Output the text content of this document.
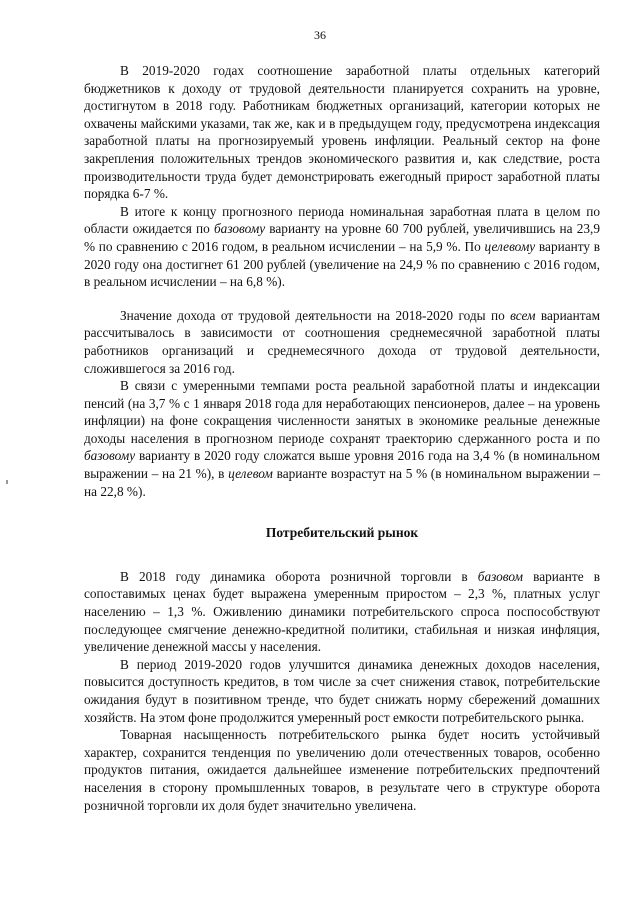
36

В 2019-2020 годах соотношение заработной платы отдельных категорий бюджетников к доходу от трудовой деятельности планируется сохранить на уровне, достигнутом в 2018 году. Работникам бюджетных организаций, категории которых не охвачены майскими указами, так же, как и в предыдущем году, предусмотрена индексация заработной платы на прогнозируемый уровень инфляции. Реальный сектор на фоне закрепления положительных трендов экономического развития и, как следствие, роста производительности труда будет демонстрировать ежегодный прирост заработной платы порядка 6-7 %.

В итоге к концу прогнозного периода номинальная заработная плата в целом по области ожидается по базовому варианту на уровне 60 700 рублей, увеличившись на 23,9 % по сравнению с 2016 годом, в реальном исчислении – на 5,9 %. По целевому варианту в 2020 году она достигнет 61 200 рублей (увеличение на 24,9 % по сравнению с 2016 годом, в реальном исчислении – на 6,8 %).

Значение дохода от трудовой деятельности на 2018-2020 годы по всем вариантам рассчитывалось в зависимости от соотношения среднемесячной заработной платы работников организаций и среднемесячного дохода от трудовой деятельности, сложившегося за 2016 год.

В связи с умеренными темпами роста реальной заработной платы и индексации пенсий (на 3,7 % с 1 января 2018 года для неработающих пенсионеров, далее – на уровень инфляции) на фоне сокращения численности занятых в экономике реальные денежные доходы населения в прогнозном периоде сохранят траекторию сдержанного роста и по базовому варианту в 2020 году сложатся выше уровня 2016 года на 3,4 % (в номинальном выражении – на 21 %), в целевом варианте возрастут на 5 % (в номинальном выражении – на 22,8 %).

Потребительский рынок

В 2018 году динамика оборота розничной торговли в базовом варианте в сопоставимых ценах будет выражена умеренным приростом – 2,3 %, платных услуг населению – 1,3 %. Оживлению динамики потребительского спроса поспособствуют последующее смягчение денежно-кредитной политики, стабильная и низкая инфляция, увеличение денежной массы у населения.

В период 2019-2020 годов улучшится динамика денежных доходов населения, повысится доступность кредитов, в том числе за счет снижения ставок, потребительские ожидания будут в позитивном тренде, что будет снижать норму сбережений домашних хозяйств. На этом фоне продолжится умеренный рост емкости потребительского рынка.

Товарная насыщенность потребительского рынка будет носить устойчивый характер, сохранится тенденция по увеличению доли отечественных товаров, особенно продуктов питания, ожидается дальнейшее изменение потребительских предпочтений населения в сторону промышленных товаров, в результате чего в структуре оборота розничной торговли их доля будет значительно увеличена.
